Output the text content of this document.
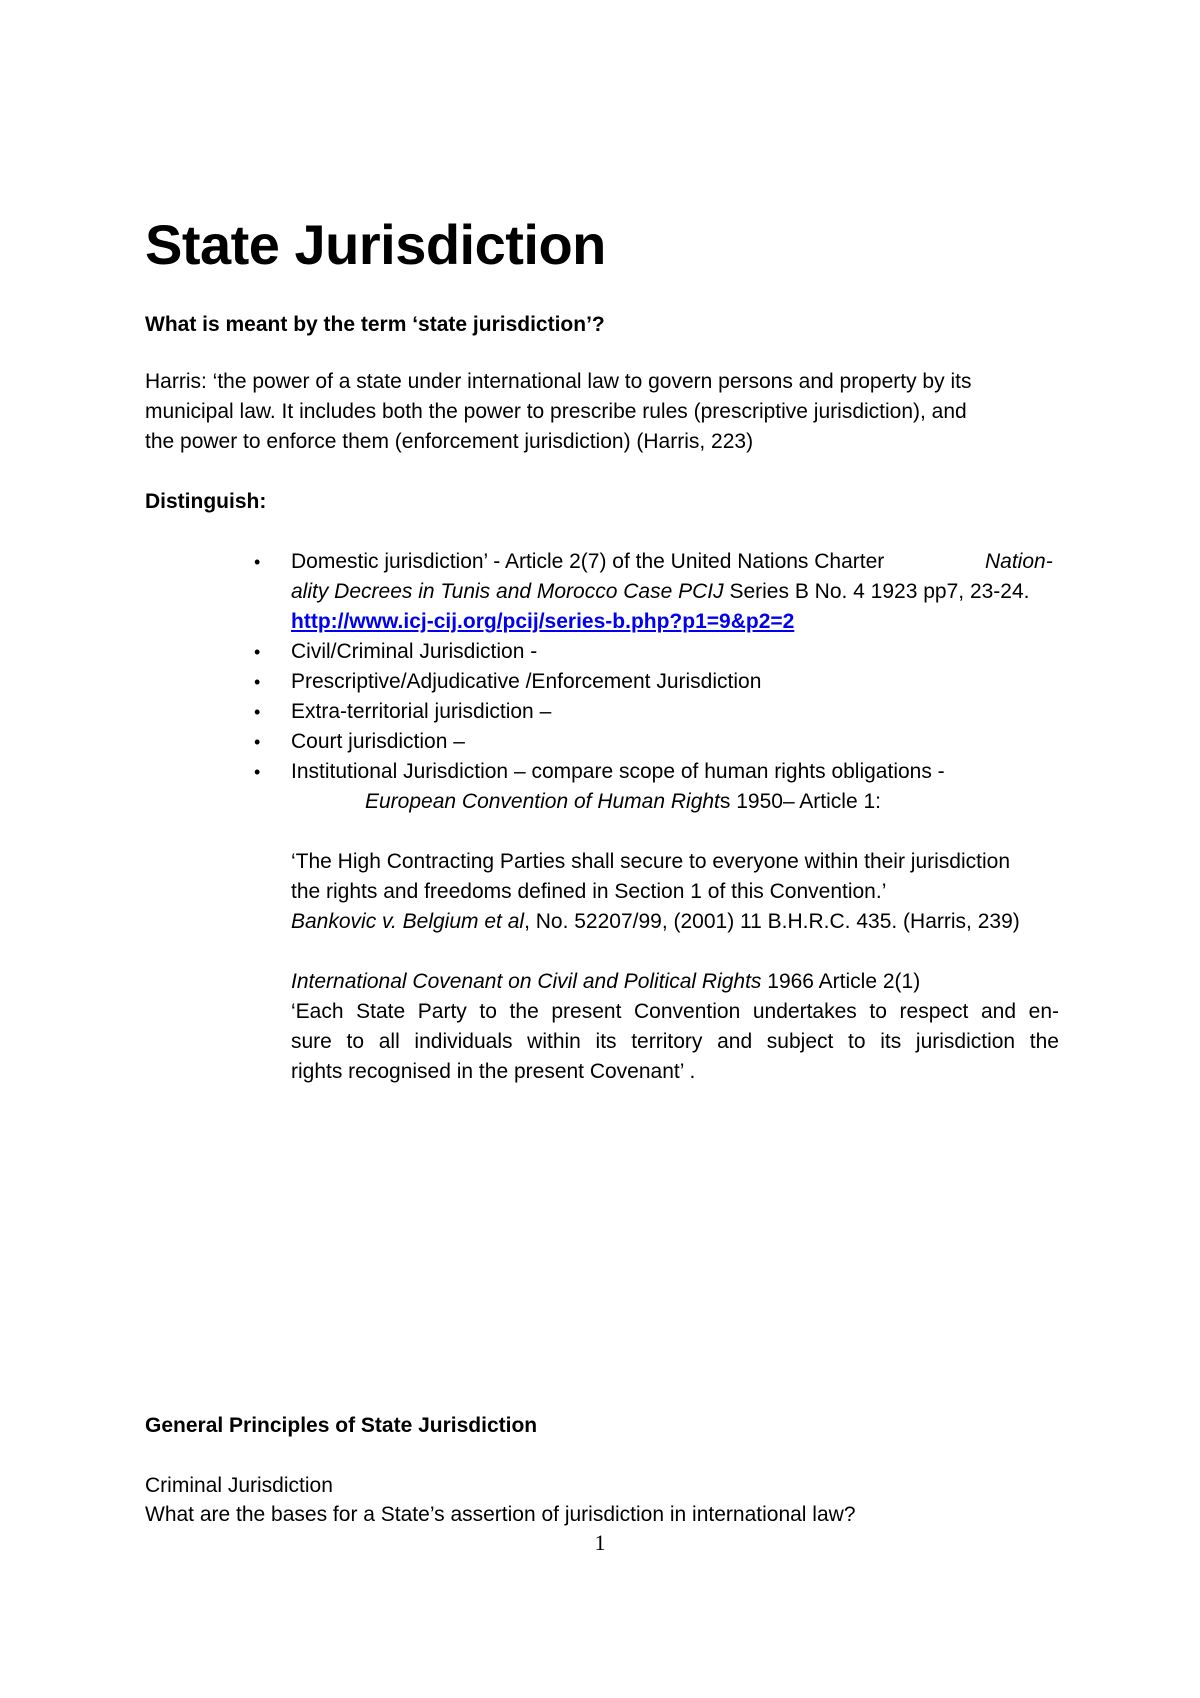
State Jurisdiction
What is meant by the term ‘state jurisdiction’?
Harris: ‘the power of a state under international law to govern persons and property by its
municipal law. It includes both the power to prescribe rules (prescriptive jurisdiction), and
the power to enforce them (enforcement jurisdiction) (Harris, 223)
Distinguish:
• Domestic jurisdiction’ - Article 2(7) of the United Nations Charter	Nation-
ality Decrees in Tunis and Morocco Case PCIJ Series B No. 4 1923 pp7, 23-24.
http://www.icj-cij.org/pcij/series-b.php?p1=9&p2=2
• Civil/Criminal Jurisdiction -
• Prescriptive/Adjudicative /Enforcement Jurisdiction
• Extra-territorial jurisdiction –
• Court jurisdiction –
• Institutional Jurisdiction – compare scope of human rights obligations -
European Convention of Human Rights 1950– Article 1:
‘The High Contracting Parties shall secure to everyone within their jurisdiction
the rights and freedoms defined in Section 1 of this Convention.’
Bankovic v. Belgium et al, No. 52207/99, (2001) 11 B.H.R.C. 435. (Harris, 239)
International Covenant on Civil and Political Rights 1966 Article 2(1)
‘Each State Party to the present Convention undertakes to respect and en-
sure to all individuals within its territory and subject to its jurisdiction the
rights recognised in the present Covenant’ .
General Principles of State Jurisdiction
Criminal Jurisdiction
What are the bases for a State’s assertion of jurisdiction in international law?
1
